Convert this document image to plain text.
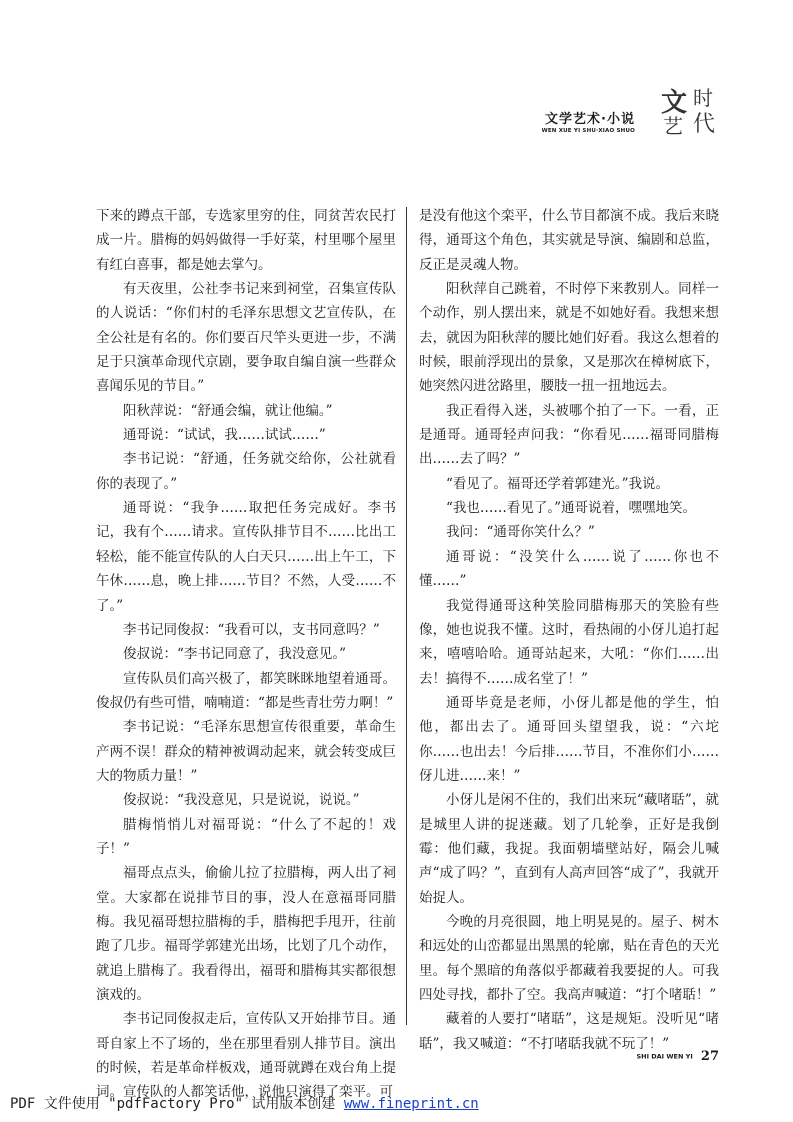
文学艺术·小说
WEN XUE YI SHU·XIAO SHUO
文 时
艺 代

下来的蹲点干部，专选家里穷的住，同贫苦农民打成一片。腊梅的妈妈做得一手好菜，村里哪个屋里有红白喜事，都是她去掌勺。

有天夜里，公社李书记来到祠堂，召集宣传队的人说话：“你们村的毛泽东思想文艺宣传队，在全公社是有名的。你们要百尺竿头更进一步，不满足于只演革命现代京剧，要争取自编自演一些群众喜闻乐见的节目。”

阳秋萍说：“舒通会编，就让他编。”

通哥说：“试试，我……试试……”

李书记说：“舒通，任务就交给你，公社就看你的表现了。”

通哥说：“我争……取把任务完成好。李书记，我有个……请求。宣传队排节目不……比出工轻松，能不能宣传队的人白天只……出上午工，下午休……息，晚上排……节目？不然，人受……不了。”

李书记同俊叔：“我看可以，支书同意吗？”

俊叔说：“李书记同意了，我没意见。”

宣传队员们高兴极了，都笑眯眯地望着通哥。俊叔仍有些可惜，喃喃道：“都是些青壮劳力啊！”

李书记说：“毛泽东思想宣传很重要，革命生产两不误！群众的精神被调动起来，就会转变成巨大的物质力量！”

俊叔说：“我没意见，只是说说，说说。”

腊梅悄悄儿对福哥说：“什么了不起的！戏子！”

福哥点点头，偷偷儿拉了拉腊梅，两人出了祠堂。大家都在说排节目的事，没人在意福哥同腊梅。我见福哥想拉腊梅的手，腊梅把手甩开，往前跑了几步。福哥学郭建光出场，比划了几个动作，就追上腊梅了。我看得出，福哥和腊梅其实都很想演戏的。

李书记同俊叔走后，宣传队又开始排节目。通哥自家上不了场的，坐在那里看别人排节目。演出的时候，若是革命样板戏，通哥就蹲在戏台角上提词。宣传队的人都笑话他，说他只演得了栾平。可

是没有他这个栾平，什么节目都演不成。我后来晓得，通哥这个角色，其实就是导演、编剧和总监，反正是灵魂人物。

阳秋萍自己跳着，不时停下来教别人。同样一个动作，别人摆出来，就是不如她好看。我想来想去，就因为阳秋萍的腰比她们好看。我这么想着的时候，眼前浮现出的景象，又是那次在樟树底下，她突然闪进岔路里，腰肢一扭一扭地远去。

我正看得入迷，头被哪个拍了一下。一看，正是通哥。通哥轻声问我：“你看见……福哥同腊梅出……去了吗？”

“看见了。福哥还学着郭建光。”我说。

“我也……看见了。”通哥说着，嘿嘿地笑。

我问：“通哥你笑什么？”

通哥说：“没笑什么……说了……你也不懂……”

我觉得通哥这种笑脸同腊梅那天的笑脸有些像，她也说我不懂。这时，看热闹的小伢儿追打起来，嘻嘻哈哈。通哥站起来，大吼：“你们……出去！搞得不……成名堂了！”

通哥毕竟是老师，小伢儿都是他的学生，怕他，都出去了。通哥回头望望我，说：“六坨你……也出去！今后排……节目，不准你们小……伢儿进……来！”

小伢儿是闲不住的，我们出来玩“藏啫聒”，就是城里人讲的捉迷藏。划了几轮拳，正好是我倒霉：他们藏，我捉。我面朝墙壁站好，隔会儿喊声“成了吗？”，直到有人高声回答“成了”，我就开始捉人。

今晚的月亮很圆，地上明晃晃的。屋子、树木和远处的山峦都显出黑黑的轮廓，贴在青色的天光里。每个黑暗的角落似乎都藏着我要捉的人。可我四处寻找，都扑了空。我高声喊道：“打个啫聒！”

藏着的人要打“啫聒”，这是规矩。没听见“啫聒”，我又喊道：“不打啫聒我就不玩了！”

SHI DAI WEN YI 27
PDF 文件使用 "pdfFactory Pro" 试用版本创建 www.fineprint.cn
